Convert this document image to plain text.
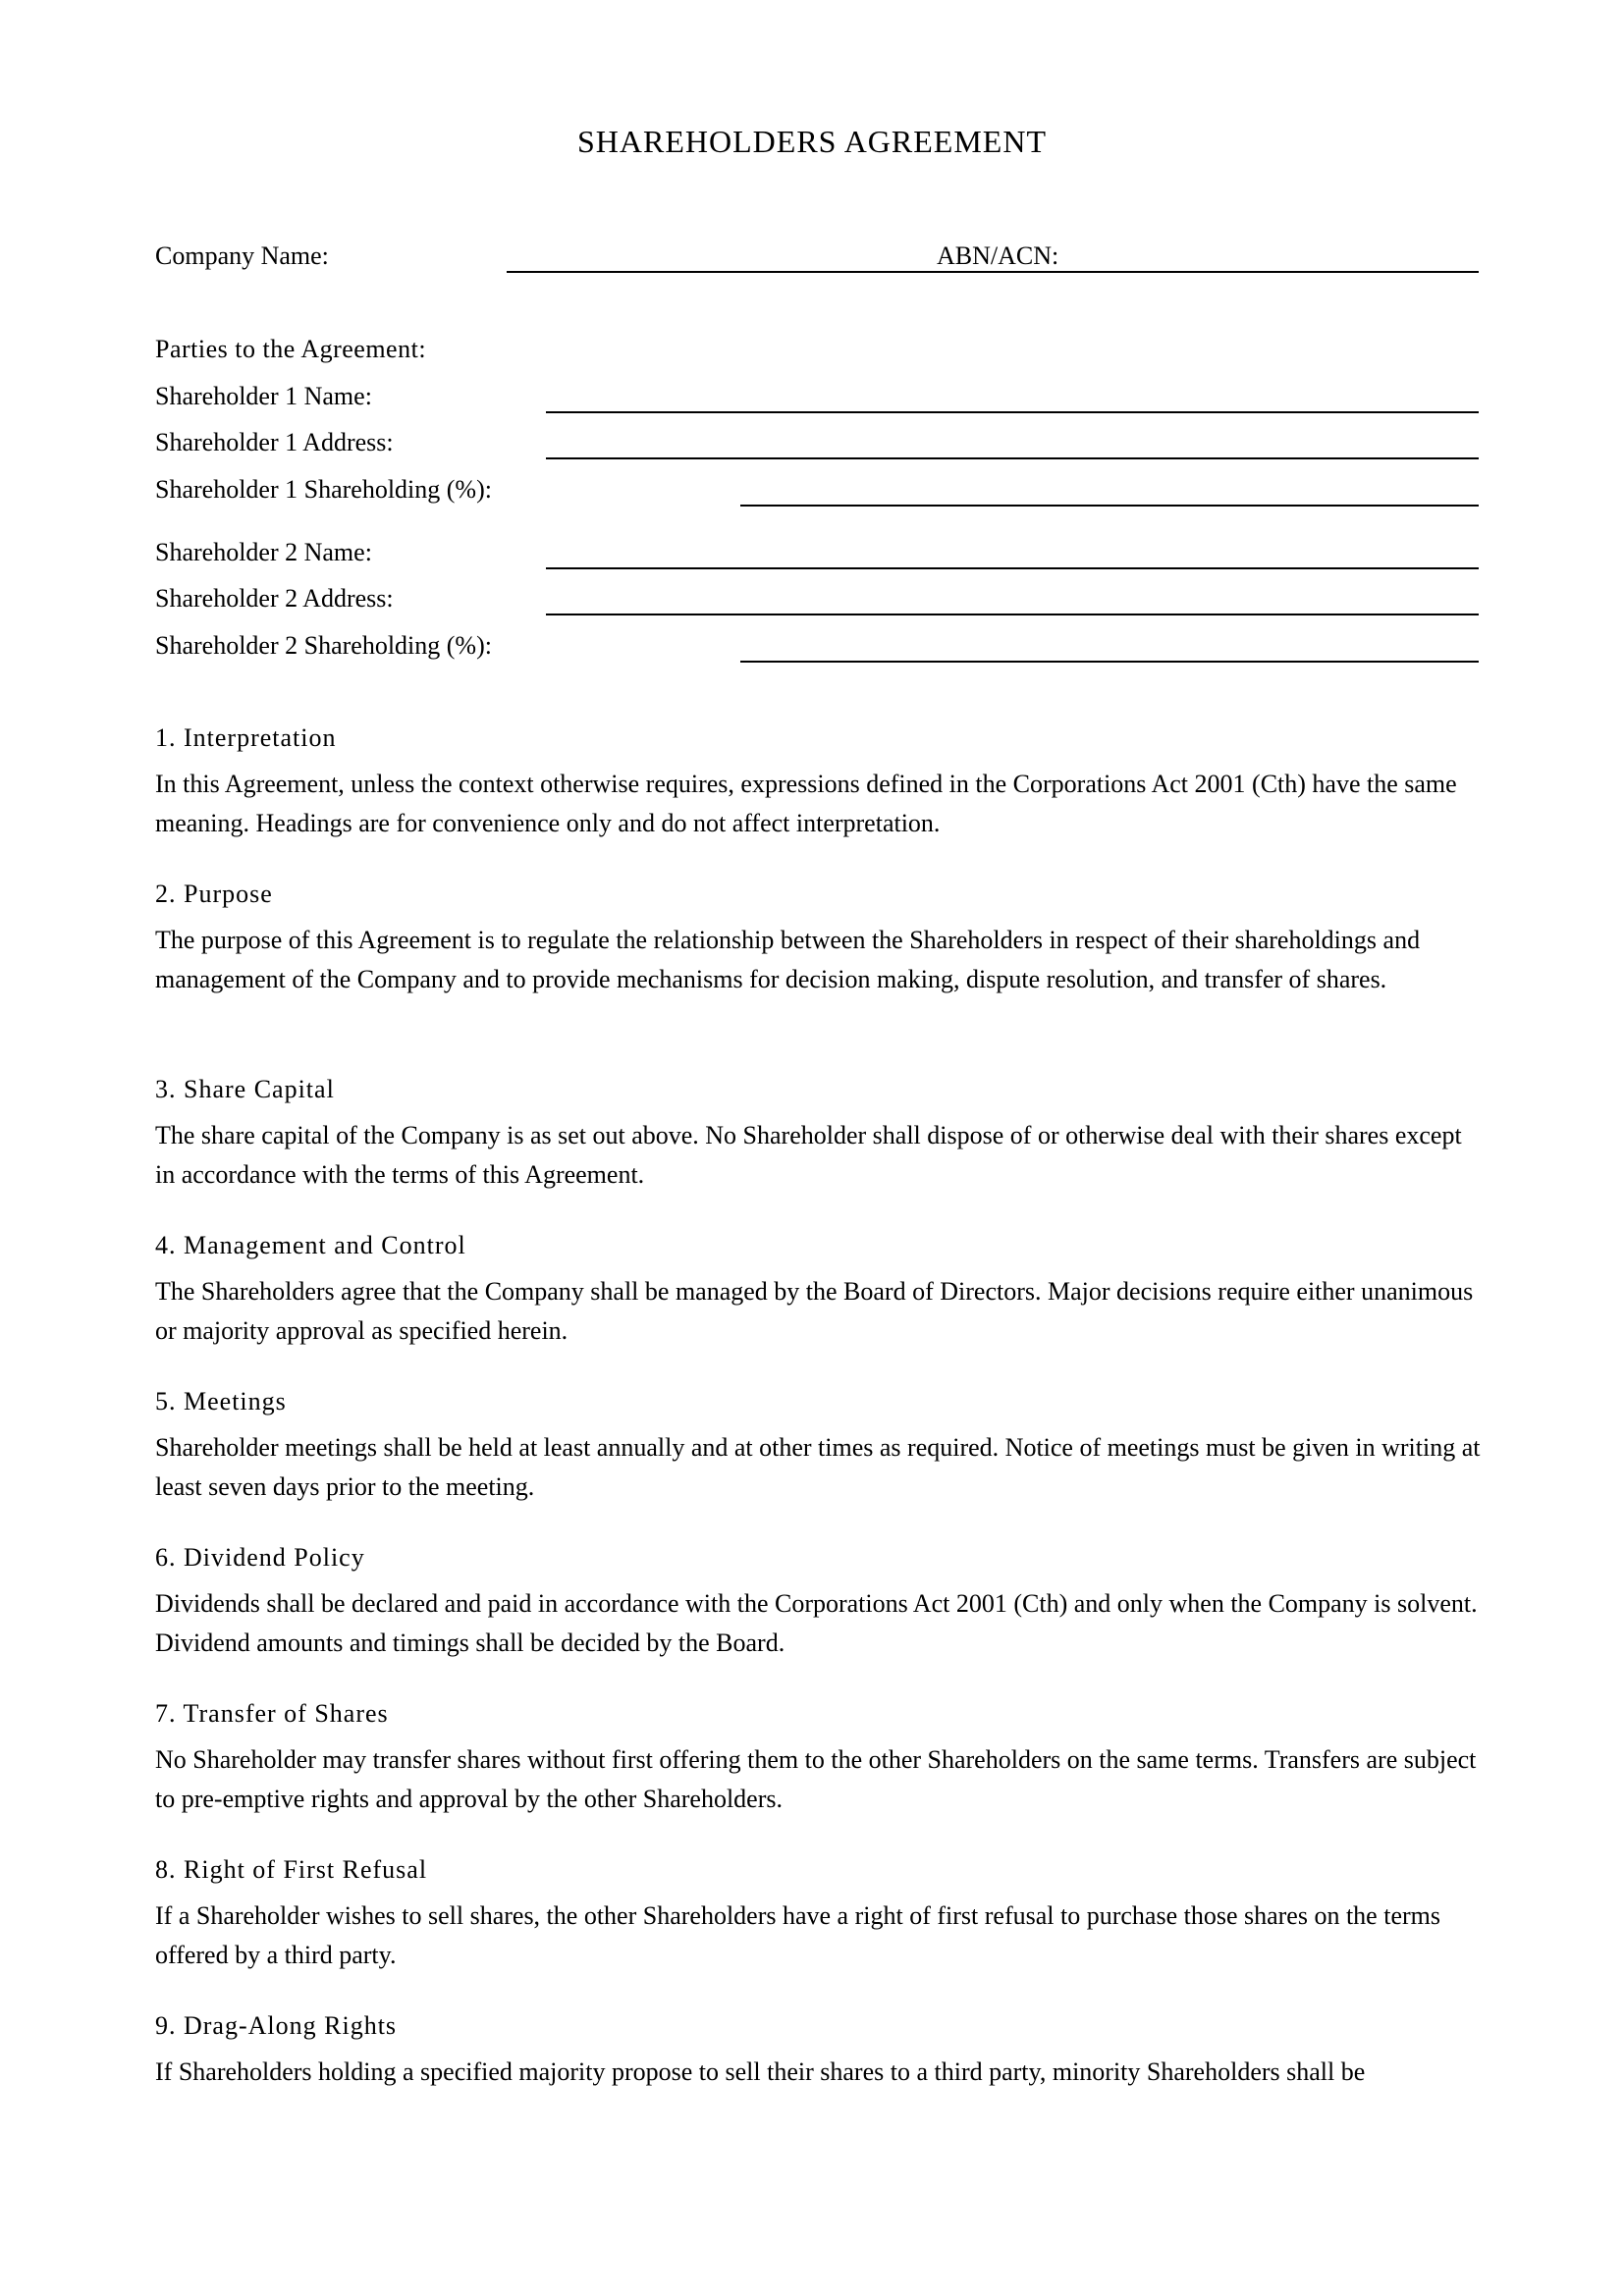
SHAREHOLDERS AGREEMENT
Company Name:	ABN/ACN:
Parties to the Agreement:
Shareholder 1 Name:
Shareholder 1 Address:
Shareholder 1 Shareholding (%):
Shareholder 2 Name:
Shareholder 2 Address:
Shareholder 2 Shareholding (%):
1. Interpretation
In this Agreement, unless the context otherwise requires, expressions defined in the Corporations Act 2001 (Cth) have the same meaning. Headings are for convenience only and do not affect interpretation.
2. Purpose
The purpose of this Agreement is to regulate the relationship between the Shareholders in respect of their shareholdings and management of the Company and to provide mechanisms for decision making, dispute resolution, and transfer of shares.
3. Share Capital
The share capital of the Company is as set out above. No Shareholder shall dispose of or otherwise deal with their shares except in accordance with the terms of this Agreement.
4. Management and Control
The Shareholders agree that the Company shall be managed by the Board of Directors. Major decisions require either unanimous or majority approval as specified herein.
5. Meetings
Shareholder meetings shall be held at least annually and at other times as required. Notice of meetings must be given in writing at least seven days prior to the meeting.
6. Dividend Policy
Dividends shall be declared and paid in accordance with the Corporations Act 2001 (Cth) and only when the Company is solvent. Dividend amounts and timings shall be decided by the Board.
7. Transfer of Shares
No Shareholder may transfer shares without first offering them to the other Shareholders on the same terms. Transfers are subject to pre-emptive rights and approval by the other Shareholders.
8. Right of First Refusal
If a Shareholder wishes to sell shares, the other Shareholders have a right of first refusal to purchase those shares on the terms offered by a third party.
9. Drag-Along Rights
If Shareholders holding a specified majority propose to sell their shares to a third party, minority Shareholders shall be
